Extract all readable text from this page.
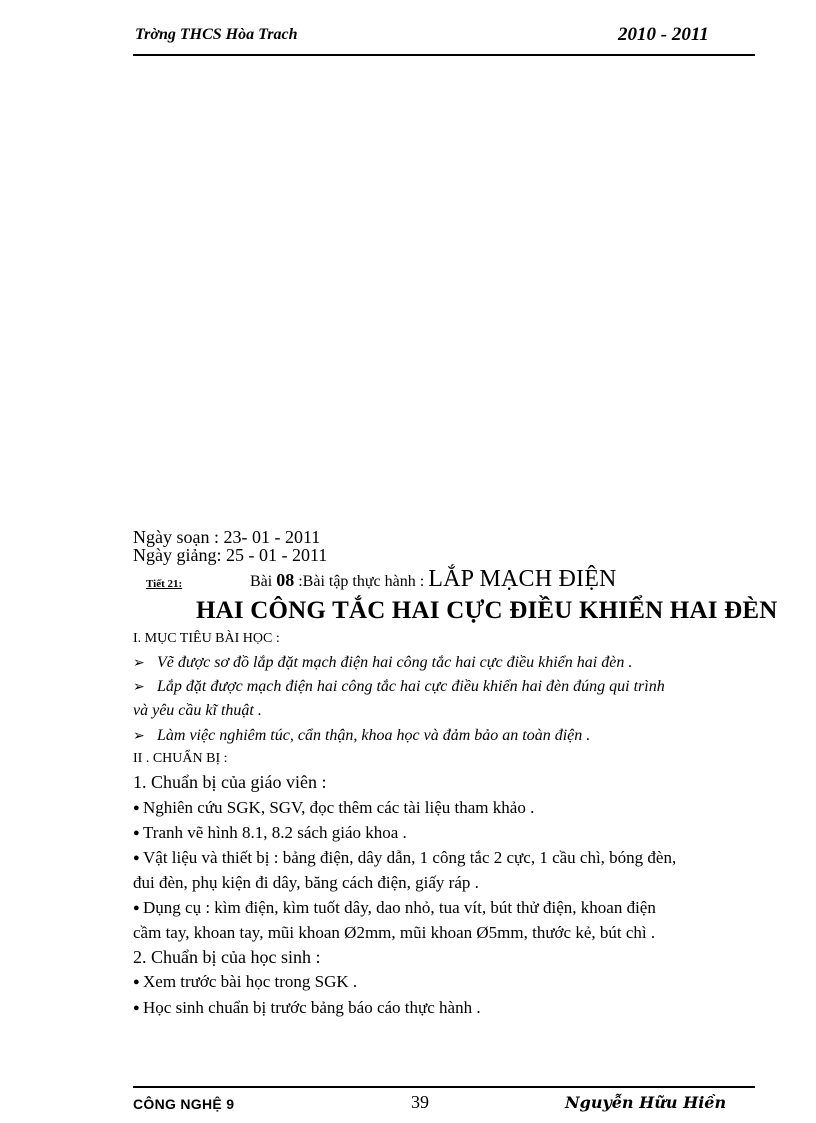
Trờng THCS Hòa Trach	2010 - 2011
Ngày soạn : 23- 01 - 2011
Ngày giảng: 25 - 01 - 2011
Tiết 21:	Bài 08 :Bài tập thực hành : LẮP MẠCH ĐIỆN
HAI CÔNG TẮC HAI CỰC ĐIỀU KHIỂN HAI ĐÈN
I. MỤC TIÊU BÀI HỌC :
➢ Vẽ được sơ đồ lắp đặt mạch điện hai công tắc hai cực điều khiển hai đèn .
➢ Lắp đặt được mạch điện hai công tắc hai cực điều khiển hai đèn đúng qui trình
và yêu cầu kĩ thuật .
➢ Làm việc nghiêm túc, cẩn thận, khoa học và đảm bảo an toàn điện .
II . CHUẨN BỊ :
1. Chuẩn bị của giáo viên :
● Nghiên cứu SGK, SGV, đọc thêm các tài liệu tham khảo .
● Tranh vẽ hình 8.1, 8.2 sách giáo khoa .
● Vật liệu và thiết bị : bảng điện, dây dẫn, 1 công tắc 2 cực, 1 cầu chì, bóng đèn,
đui đèn, phụ kiện đi dây, băng cách điện, giấy ráp .
● Dụng cụ : kìm điện, kìm tuốt dây, dao nhỏ, tua vít, bút thử điện, khoan điện
cầm tay, khoan tay, mũi khoan Ø2mm, mũi khoan Ø5mm, thước kẻ, bút chì .
2. Chuẩn bị của học sinh :
● Xem trước bài học trong SGK .
● Học sinh chuẩn bị trước bảng báo cáo thực hành .
CÔNG NGHỆ 9	39	Nguyễn Hữu Hiền
